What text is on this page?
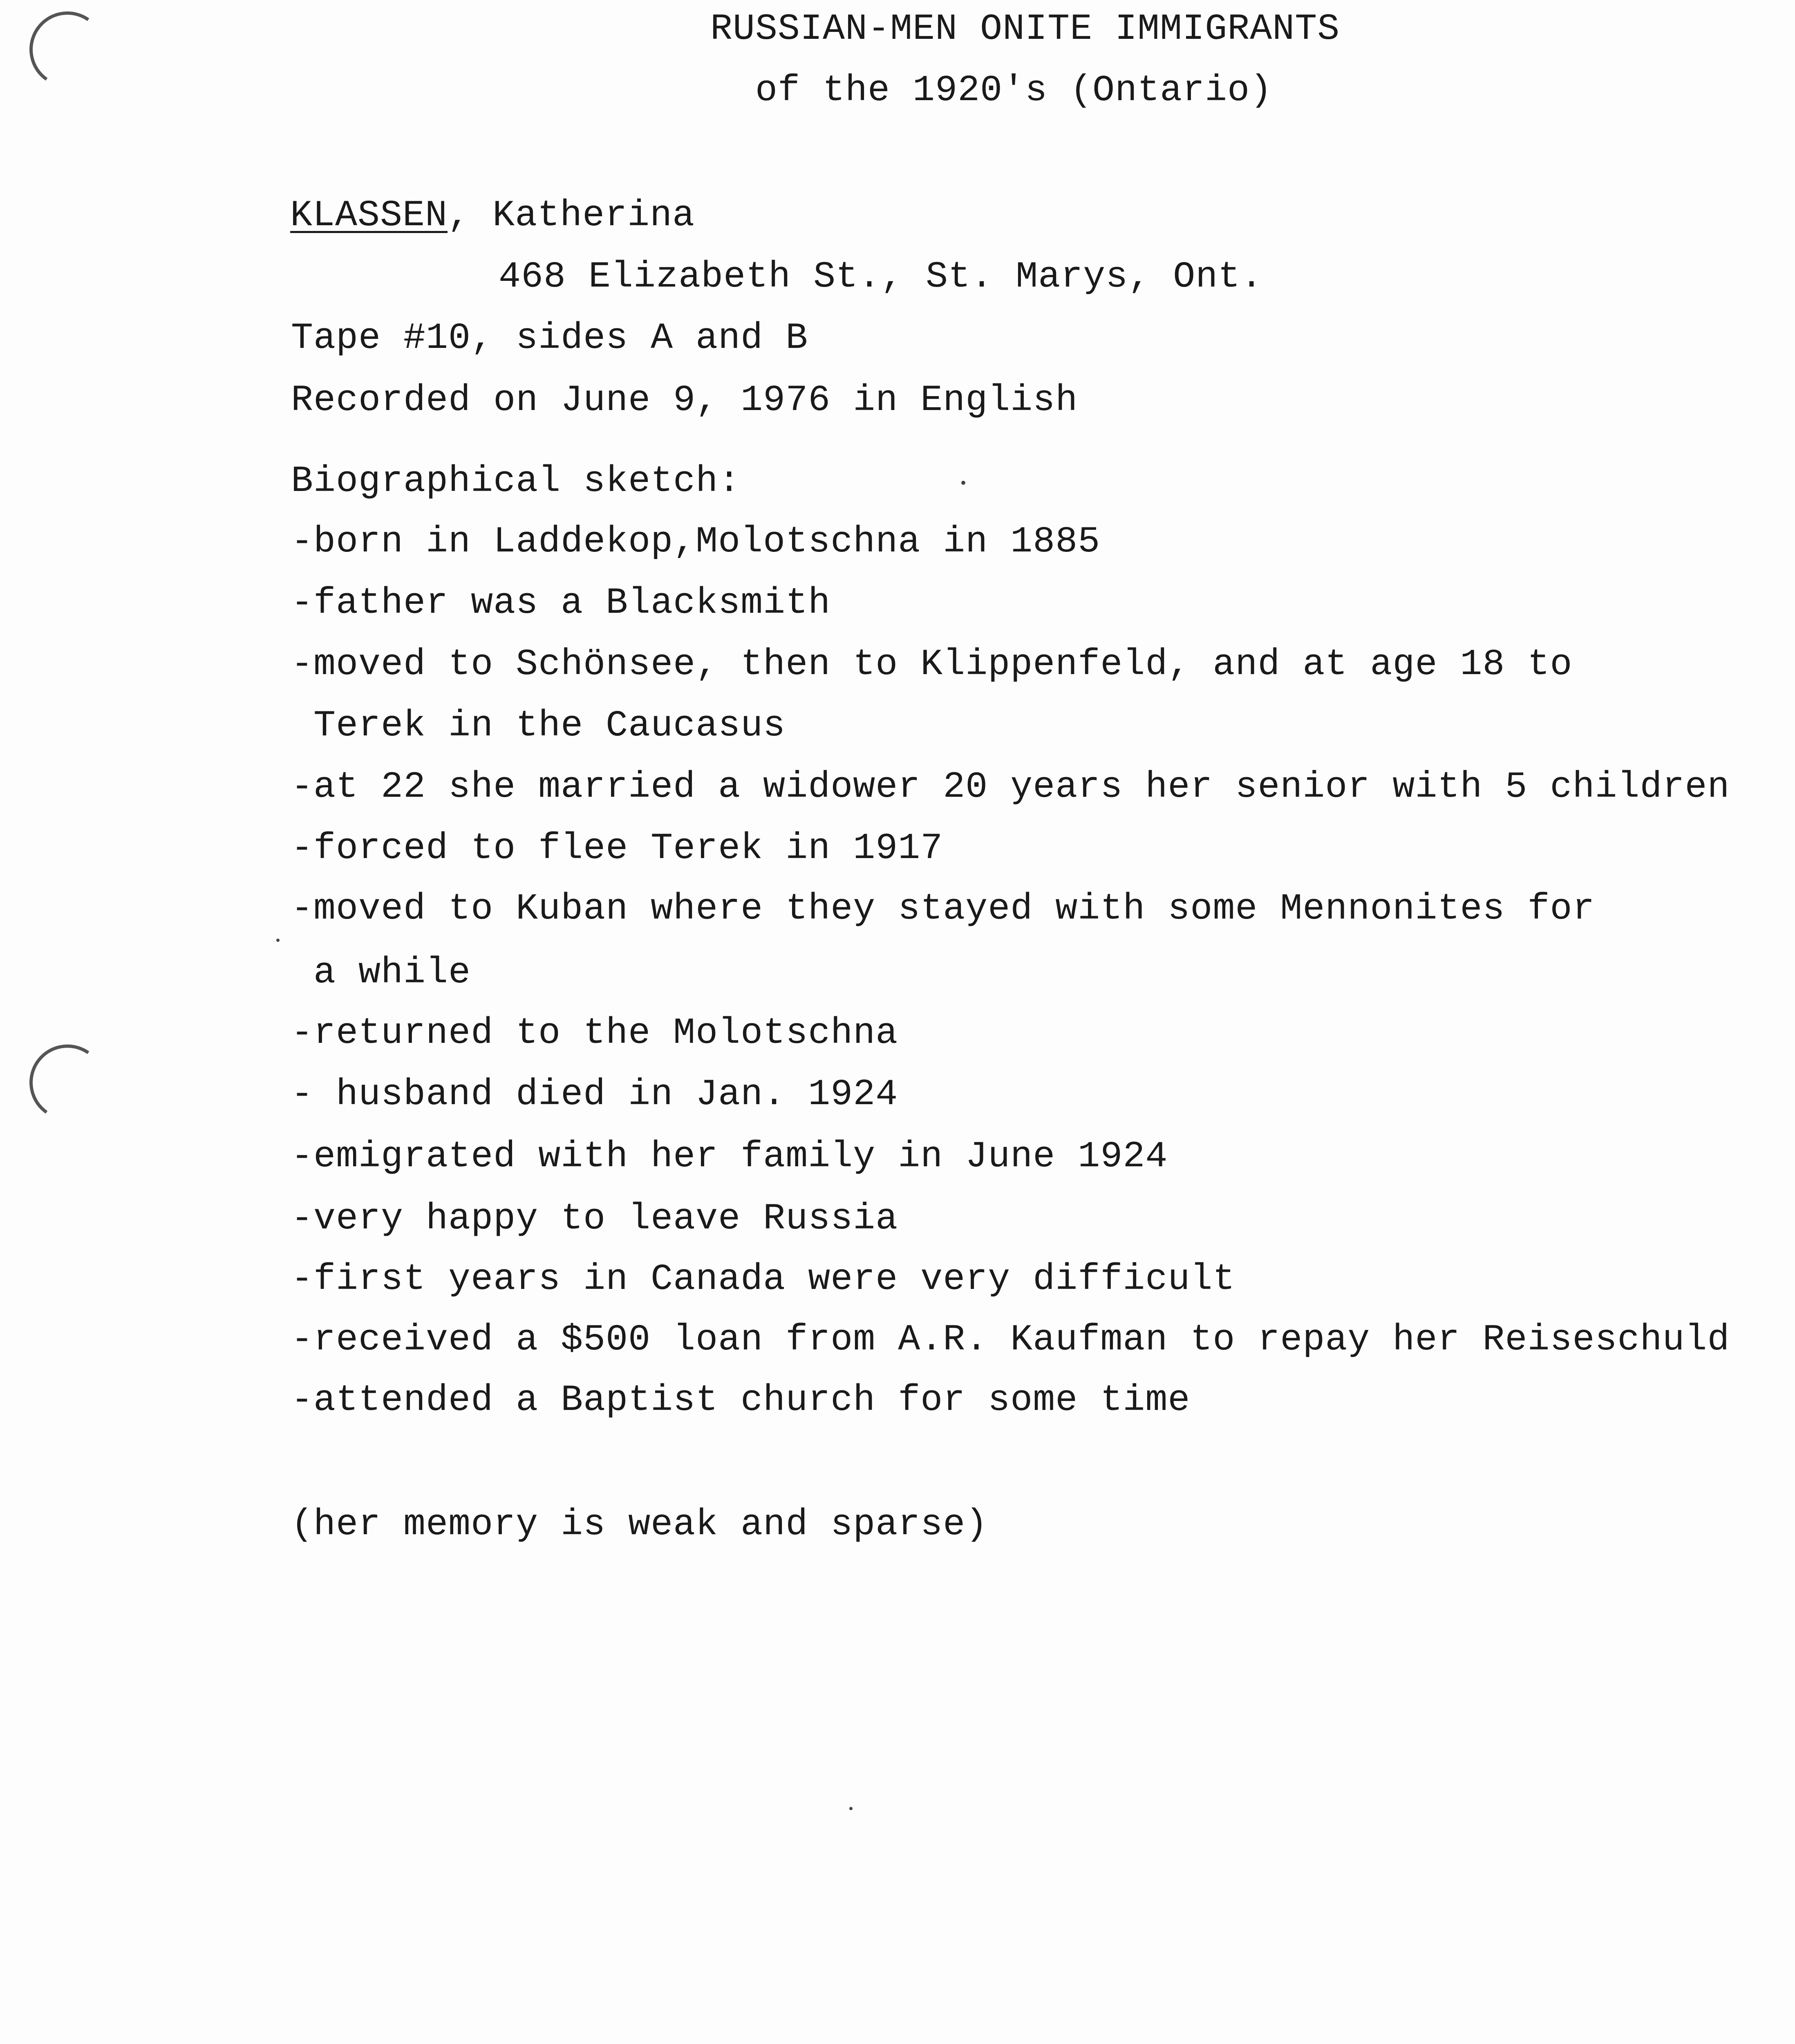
RUSSIAN-MEN ONITE IMMIGRANTS
of the 1920's (Ontario)
KLASSEN, Katherina
468 Elizabeth St., St. Marys, Ont.
Tape #10, sides A and B
Recorded on June 9, 1976 in English
Biographical sketch:
-born in Laddekop,Molotschna in 1885
-father was a Blacksmith
-moved to Schönsee, then to Klippenfeld, and at age 18 to
Terek in the Caucasus
-at 22 she married a widower 20 years her senior with 5 children
-forced to flee Terek in 1917
-moved to Kuban where they stayed with some Mennonites for
a while
-returned to the Molotschna
- husband died in Jan. 1924
-emigrated with her family in June 1924
-very happy to leave Russia
-first years in Canada were very difficult
-received a $500 loan from A.R. Kaufman to repay her Reiseschuld
-attended a Baptist church for some time
(her memory is weak and sparse)
